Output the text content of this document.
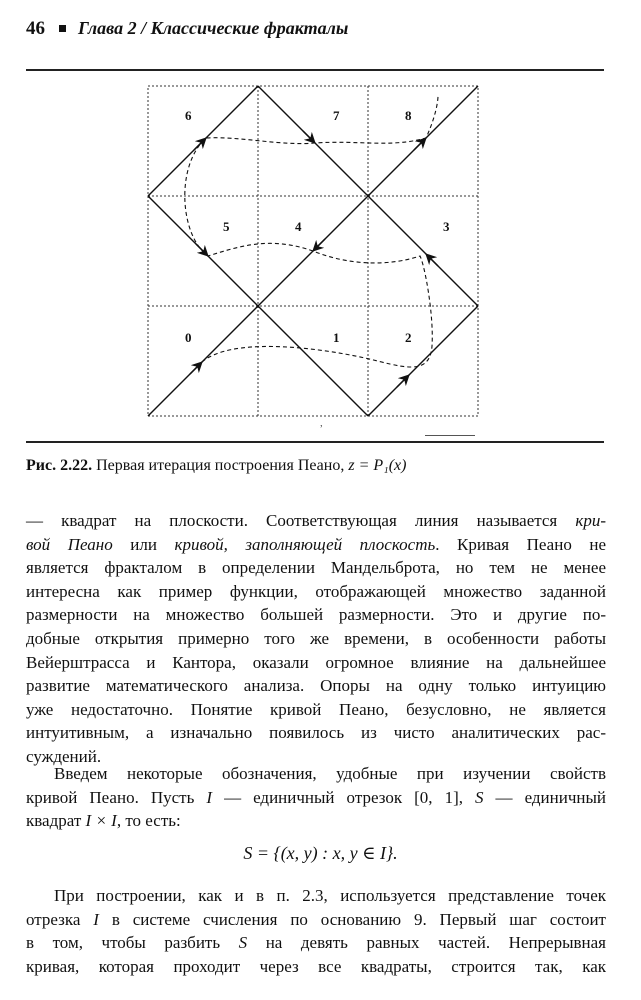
46 Глава 2 / Классические фракталы
6	7	8
5	4	3
0	1	2
,
Рис. 2.22. Первая итерация построения Пеано, z = P₁(x)
— квадрат на плоскости. Соответствующая линия называется кри-
вой Пеано или кривой, заполняющей плоскость. Кривая Пеано не
является фракталом в определении Мандельброта, но тем не менее
интересна как пример функции, отображающей множество заданной
размерности на множество большей размерности. Это и другие по-
добные открытия примерно того же времени, в особенности работы
Вейерштрасса и Кантора, оказали огромное влияние на дальнейшее
развитие математического анализа. Опоры на одну только интуицию
уже недостаточно. Понятие кривой Пеано, безусловно, не является
интуитивным, а изначально появилось из чисто аналитических рас-
суждений.
Введем некоторые обозначения, удобные при изучении свойств
кривой Пеано. Пусть I — единичный отрезок [0, 1], S — единичный
квадрат I × I, то есть:
S = {(x, y) : x, y ∈ I}.
При построении, как и в п. 2.3, используется представление точек
отрезка I в системе счисления по основанию 9. Первый шаг состоит
в том, чтобы разбить S на девять равных частей. Непрерывная
кривая, которая проходит через все квадраты, строится так, как
